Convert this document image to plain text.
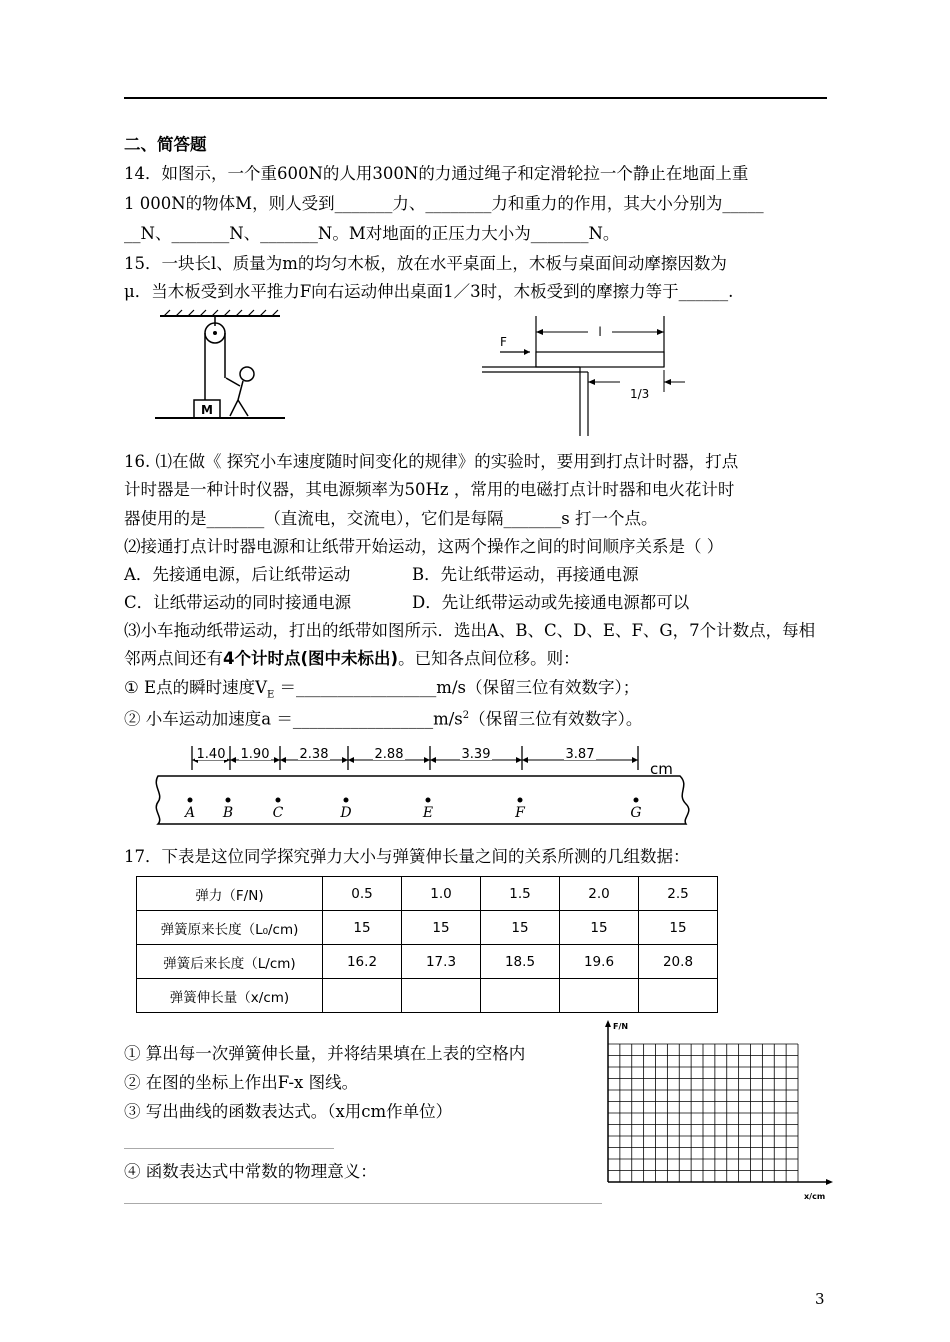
二、简答题
14．如图示，一个重600N的人用300N的力通过绳子和定滑轮拉一个静止在地面上重
1 000N的物体M，则人受到_______力、________力和重力的作用，其大小分别为_____
__N、_______N、_______N。M对地面的正压力大小为_______N。
15．一块长l、质量为m的均匀木板，放在水平桌面上，木板与桌面间动摩擦因数为
μ．当木板受到水平推力F向右运动伸出桌面1／3时，木板受到的摩擦力等于______.
M
F
l
1/3
16. ⑴在做《 探究小车速度随时间变化的规律》的实验时，要用到打点计时器，打点
计时器是一种计时仪器，其电源频率为50Hz ，常用的电磁打点计时器和电火花计时
器使用的是_______（直流电，交流电），它们是每隔_______s 打一个点。
⑵接通打点计时器电源和让纸带开始运动，这两个操作之间的时间顺序关系是（ ）
A．先接通电源，后让纸带运动	B．先让纸带运动，再接通电源
C．让纸带运动的同时接通电源	D．先让纸带运动或先接通电源都可以
⑶小车拖动纸带运动，打出的纸带如图所示．选出A、B、C、D、E、F、G，7个计数点，每相
邻两点间还有4个计时点(图中未标出)。已知各点间位移。则：
① E点的瞬时速度$V_E$ ＝_________________m/s（保留三位有效数字）；
② 小车运动加速度$a =\_\_\_\_\_\_\_\_\_\_\_\_\_\_\_\_\_m/s^2$（保留三位有效数字）。
1.40 1.90 2.38	2.88	3.39	3.87
cm
A B	C	D	E	F	G
17．下表是这位同学探究弹力大小与弹簧伸长量之间的关系所测的几组数据：
弹力（F/N)	0.5	1.0	1.5	2.0	2.5
弹簧原来长度（L₀/cm)	15	15	15	15	15
弹簧后来长度（L/cm)	16.2	17.3	18.5	19.6	20.8
弹簧伸长量（x/cm)					
① 算出每一次弹簧伸长量，并将结果填在上表的空格内
② 在图的坐标上作出F-x 图线。
③ 写出曲线的函数表达式。（x用cm作单位）
④ 函数表达式中常数的物理意义：
F/N
x/cm
3
